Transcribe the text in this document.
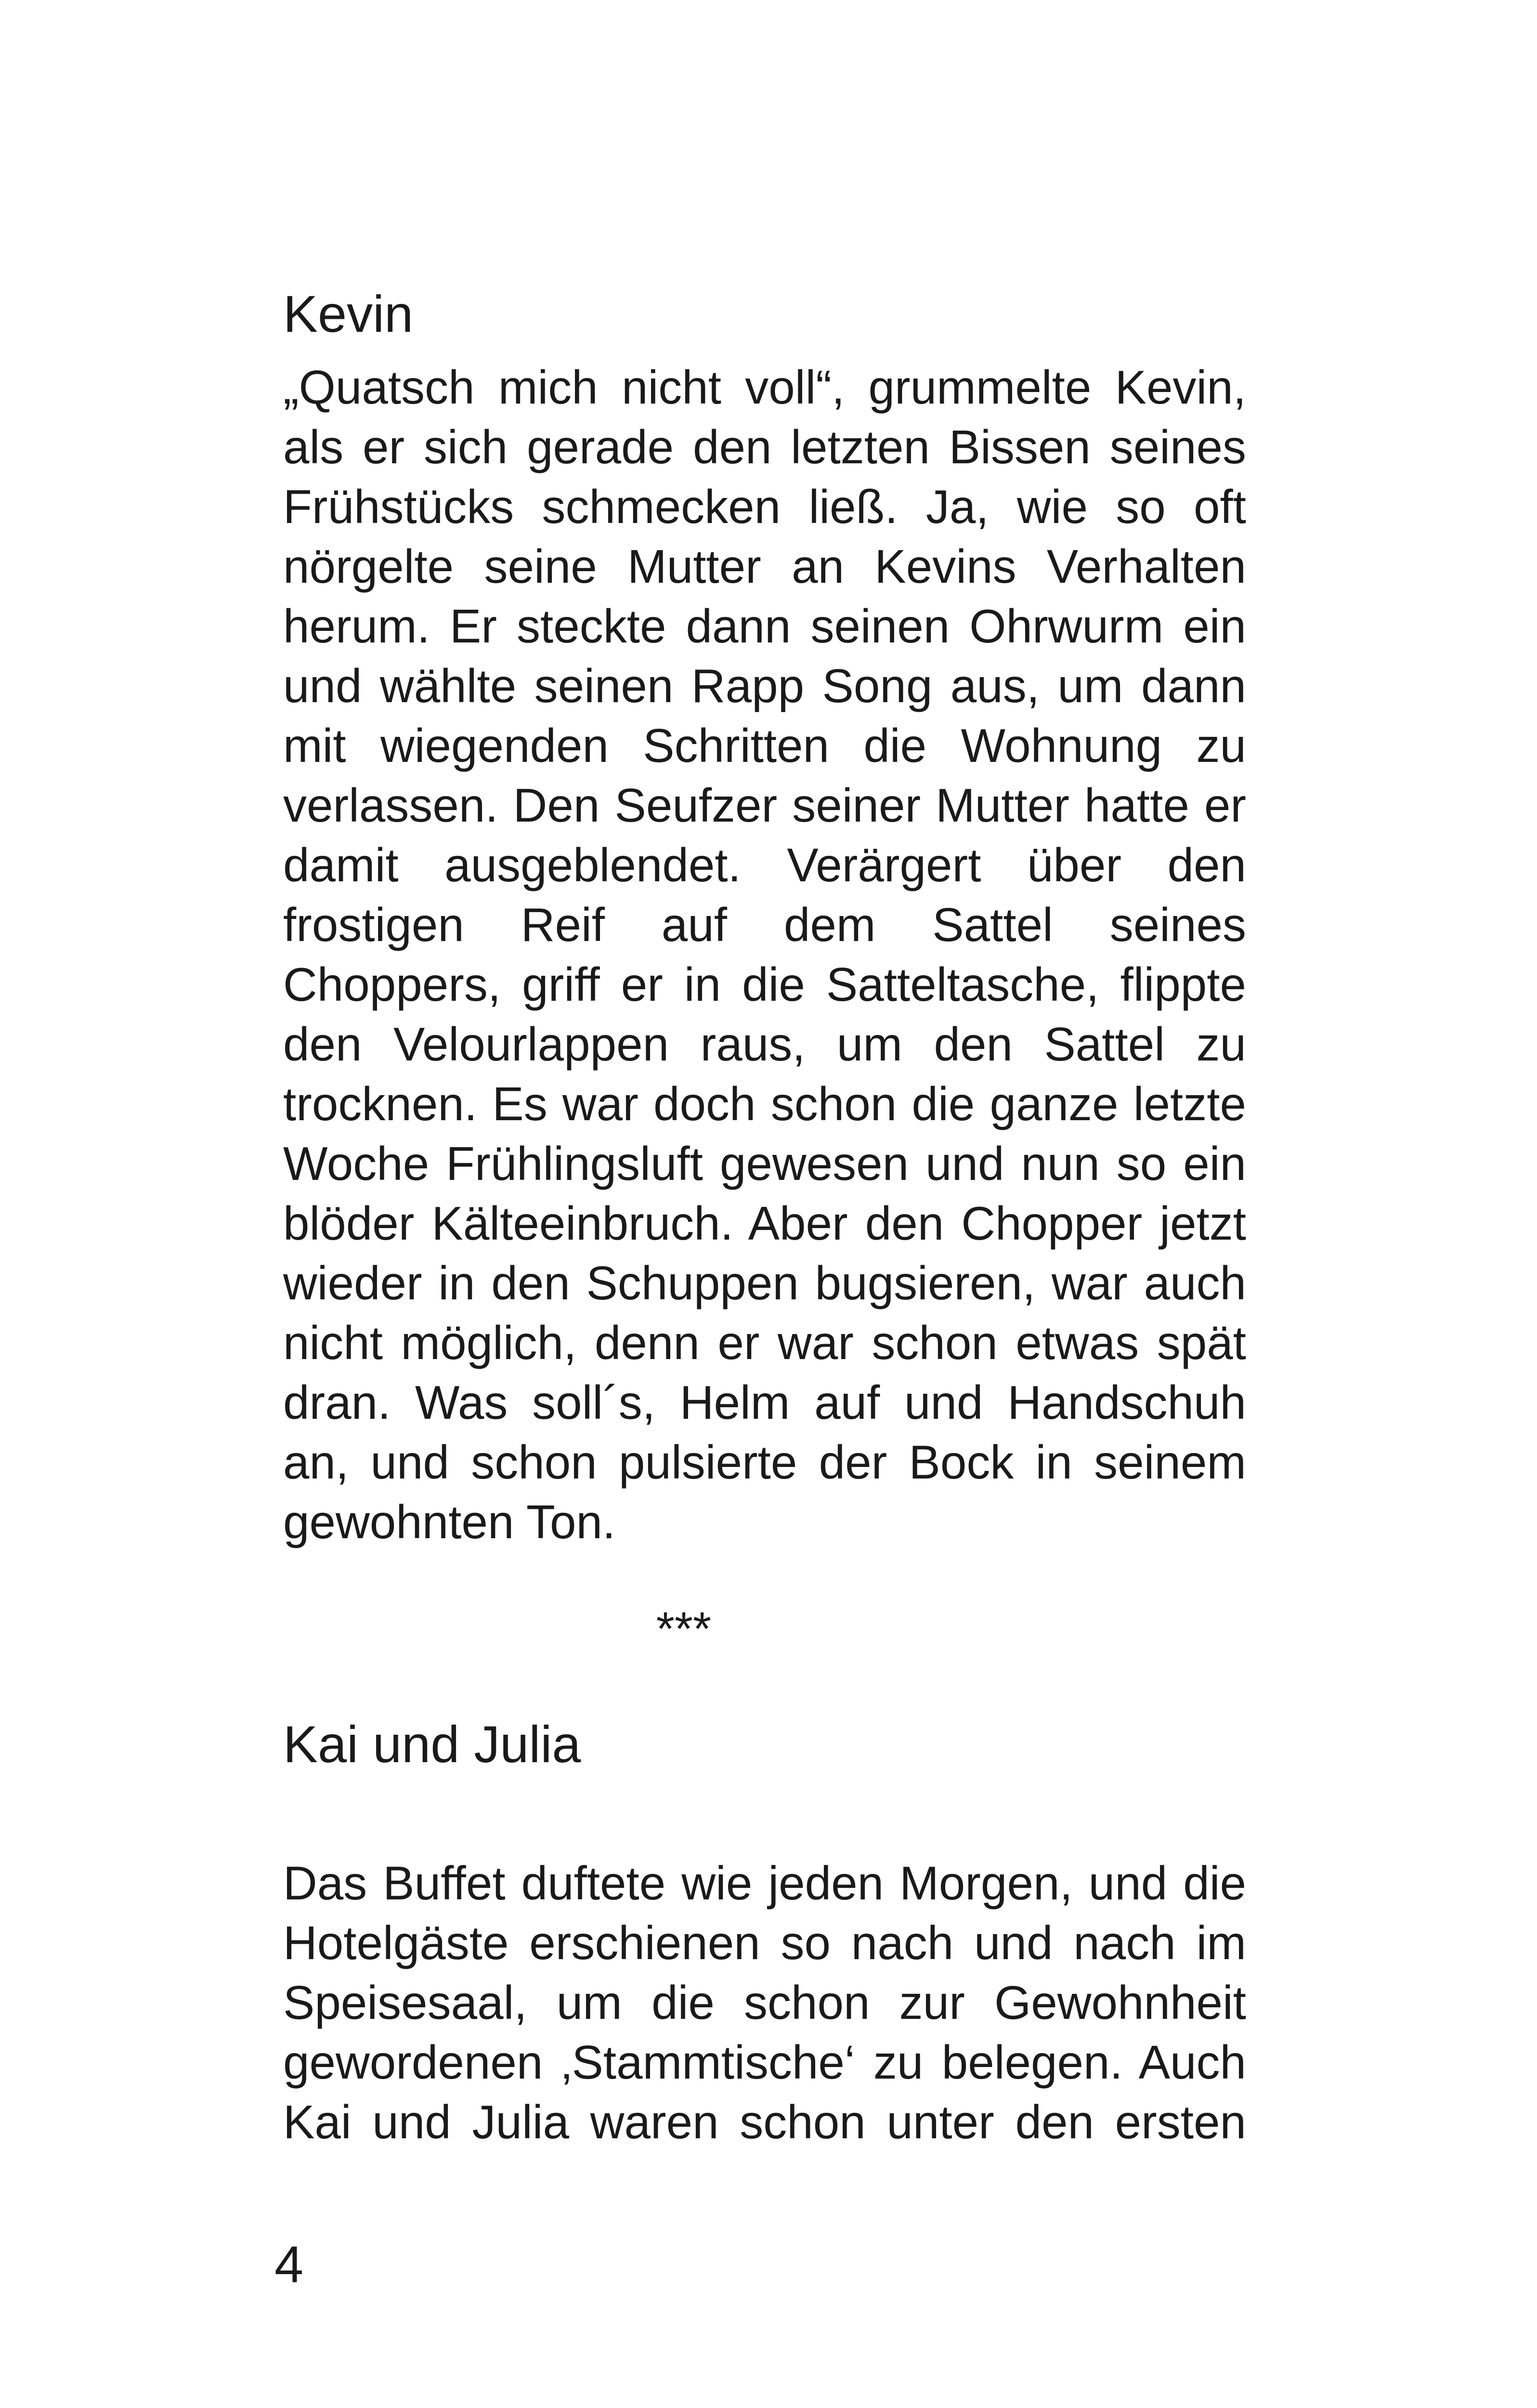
Kevin
„Quatsch mich nicht voll“, grummelte Kevin,
als er sich gerade den letzten Bissen seines
Frühstücks schmecken ließ. Ja, wie so oft
nörgelte seine Mutter an Kevins Verhalten
herum. Er steckte dann seinen Ohrwurm ein
und wählte seinen Rapp Song aus, um dann
mit wiegenden Schritten die Wohnung zu
verlassen. Den Seufzer seiner Mutter hatte er
damit ausgeblendet. Verärgert über den
frostigen Reif auf dem Sattel seines
Choppers, griff er in die Satteltasche, flippte
den Velourlappen raus, um den Sattel zu
trocknen. Es war doch schon die ganze letzte
Woche Frühlingsluft gewesen und nun so ein
blöder Kälteeinbruch. Aber den Chopper jetzt
wieder in den Schuppen bugsieren, war auch
nicht möglich, denn er war schon etwas spät
dran. Was soll´s, Helm auf und Handschuh
an, und schon pulsierte der Bock in seinem
gewohnten Ton.
***
Kai und Julia
Das Buffet duftete wie jeden Morgen, und die
Hotelgäste erschienen so nach und nach im
Speisesaal, um die schon zur Gewohnheit
gewordenen ‚Stammtische‘ zu belegen. Auch
Kai und Julia waren schon unter den ersten
4
